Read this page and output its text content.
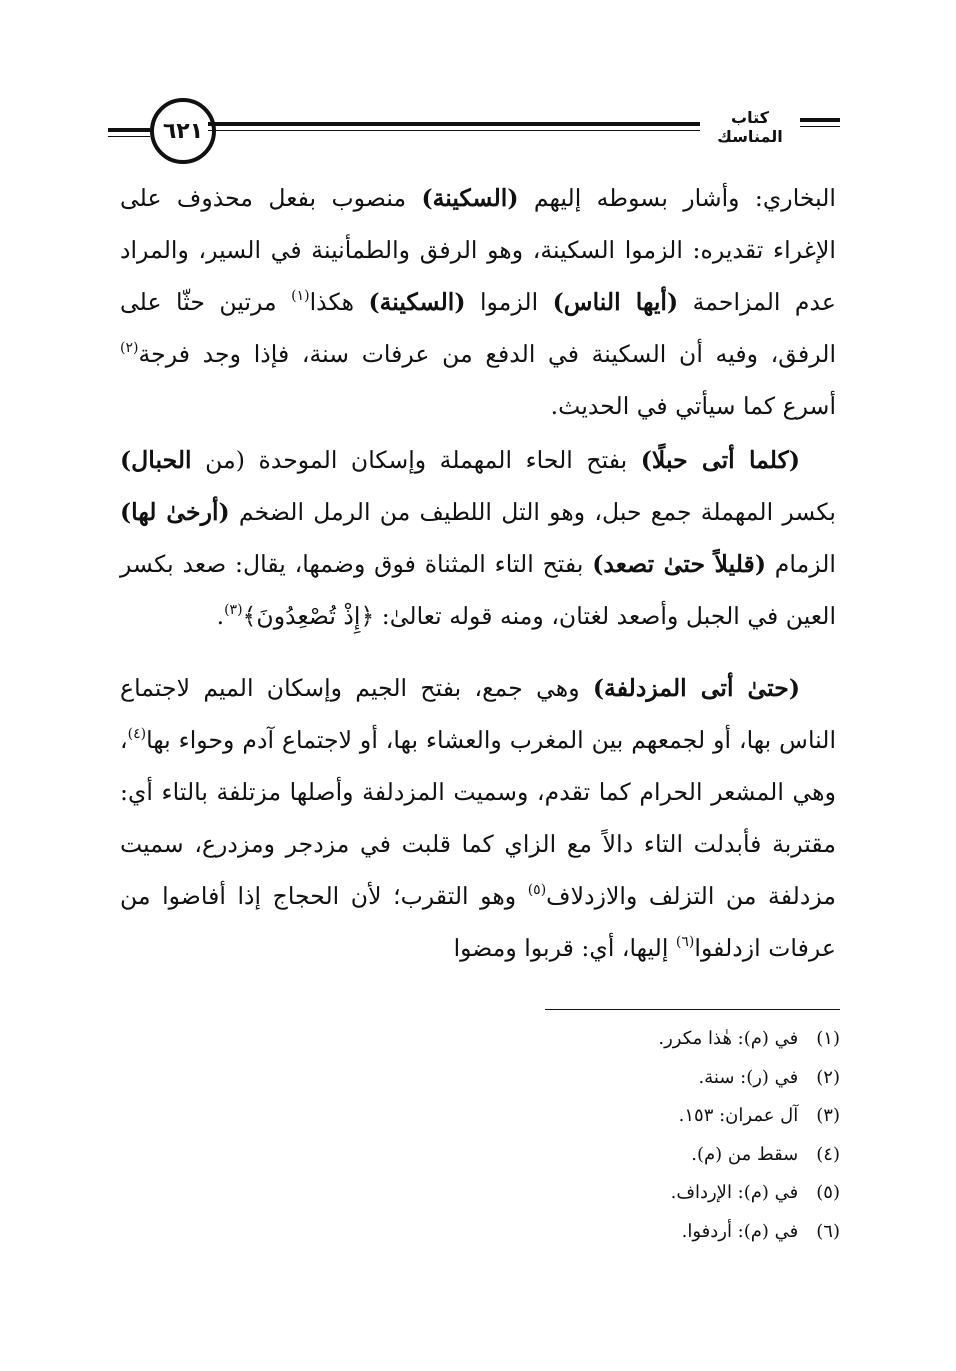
٦٢١
كتاب المناسك

البخاري: وأشار بسوطه إليهم (السكينة) منصوب بفعل محذوف على الإغراء تقديره: الزموا السكينة، وهو الرفق والطمأنينة في السير، والمراد عدم المزاحمة (أيها الناس) الزموا (السكينة) هكذا$^{(١)}$ مرتين حثّا على الرفق، وفيه أن السكينة في الدفع من عرفات سنة، فإذا وجد فرجة$^{(٢)}$ أسرع كما سيأتي في الحديث.

(كلما أتى حبلًا) بفتح الحاء المهملة وإسكان الموحدة (من الحبال) بكسر المهملة جمع حبل، وهو التل اللطيف من الرمل الضخم (أرخىٰ لها) الزمام (قليلاً حتىٰ تصعد) بفتح التاء المثناة فوق وضمها، يقال: صعد بكسر العين في الجبل وأصعد لغتان، ومنه قوله تعالىٰ: ﴿إِذْ تُصْعِدُونَ﴾$^{(٣)}$.

(حتىٰ أتى المزدلفة) وهي جمع، بفتح الجيم وإسكان الميم لاجتماع الناس بها، أو لجمعهم بين المغرب والعشاء بها، أو لاجتماع آدم وحواء بها$^{(٤)}$، وهي المشعر الحرام كما تقدم، وسميت المزدلفة وأصلها مزتلفة بالتاء أي: مقتربة فأبدلت التاء دالاً مع الزاي كما قلبت في مزدجر ومزدرع، سميت مزدلفة من التزلف والازدلاف$^{(٥)}$ وهو التقرب؛ لأن الحجاج إذا أفاضوا من عرفات ازدلفوا$^{(٦)}$ إليها، أي: قربوا ومضوا

(١) في (م): هٰذا مكرر.
(٢) في (ر): سنة.
(٣) آل عمران: ١٥٣.
(٤) سقط من (م).
(٥) في (م): الإرداف.
(٦) في (م): أردفوا.
